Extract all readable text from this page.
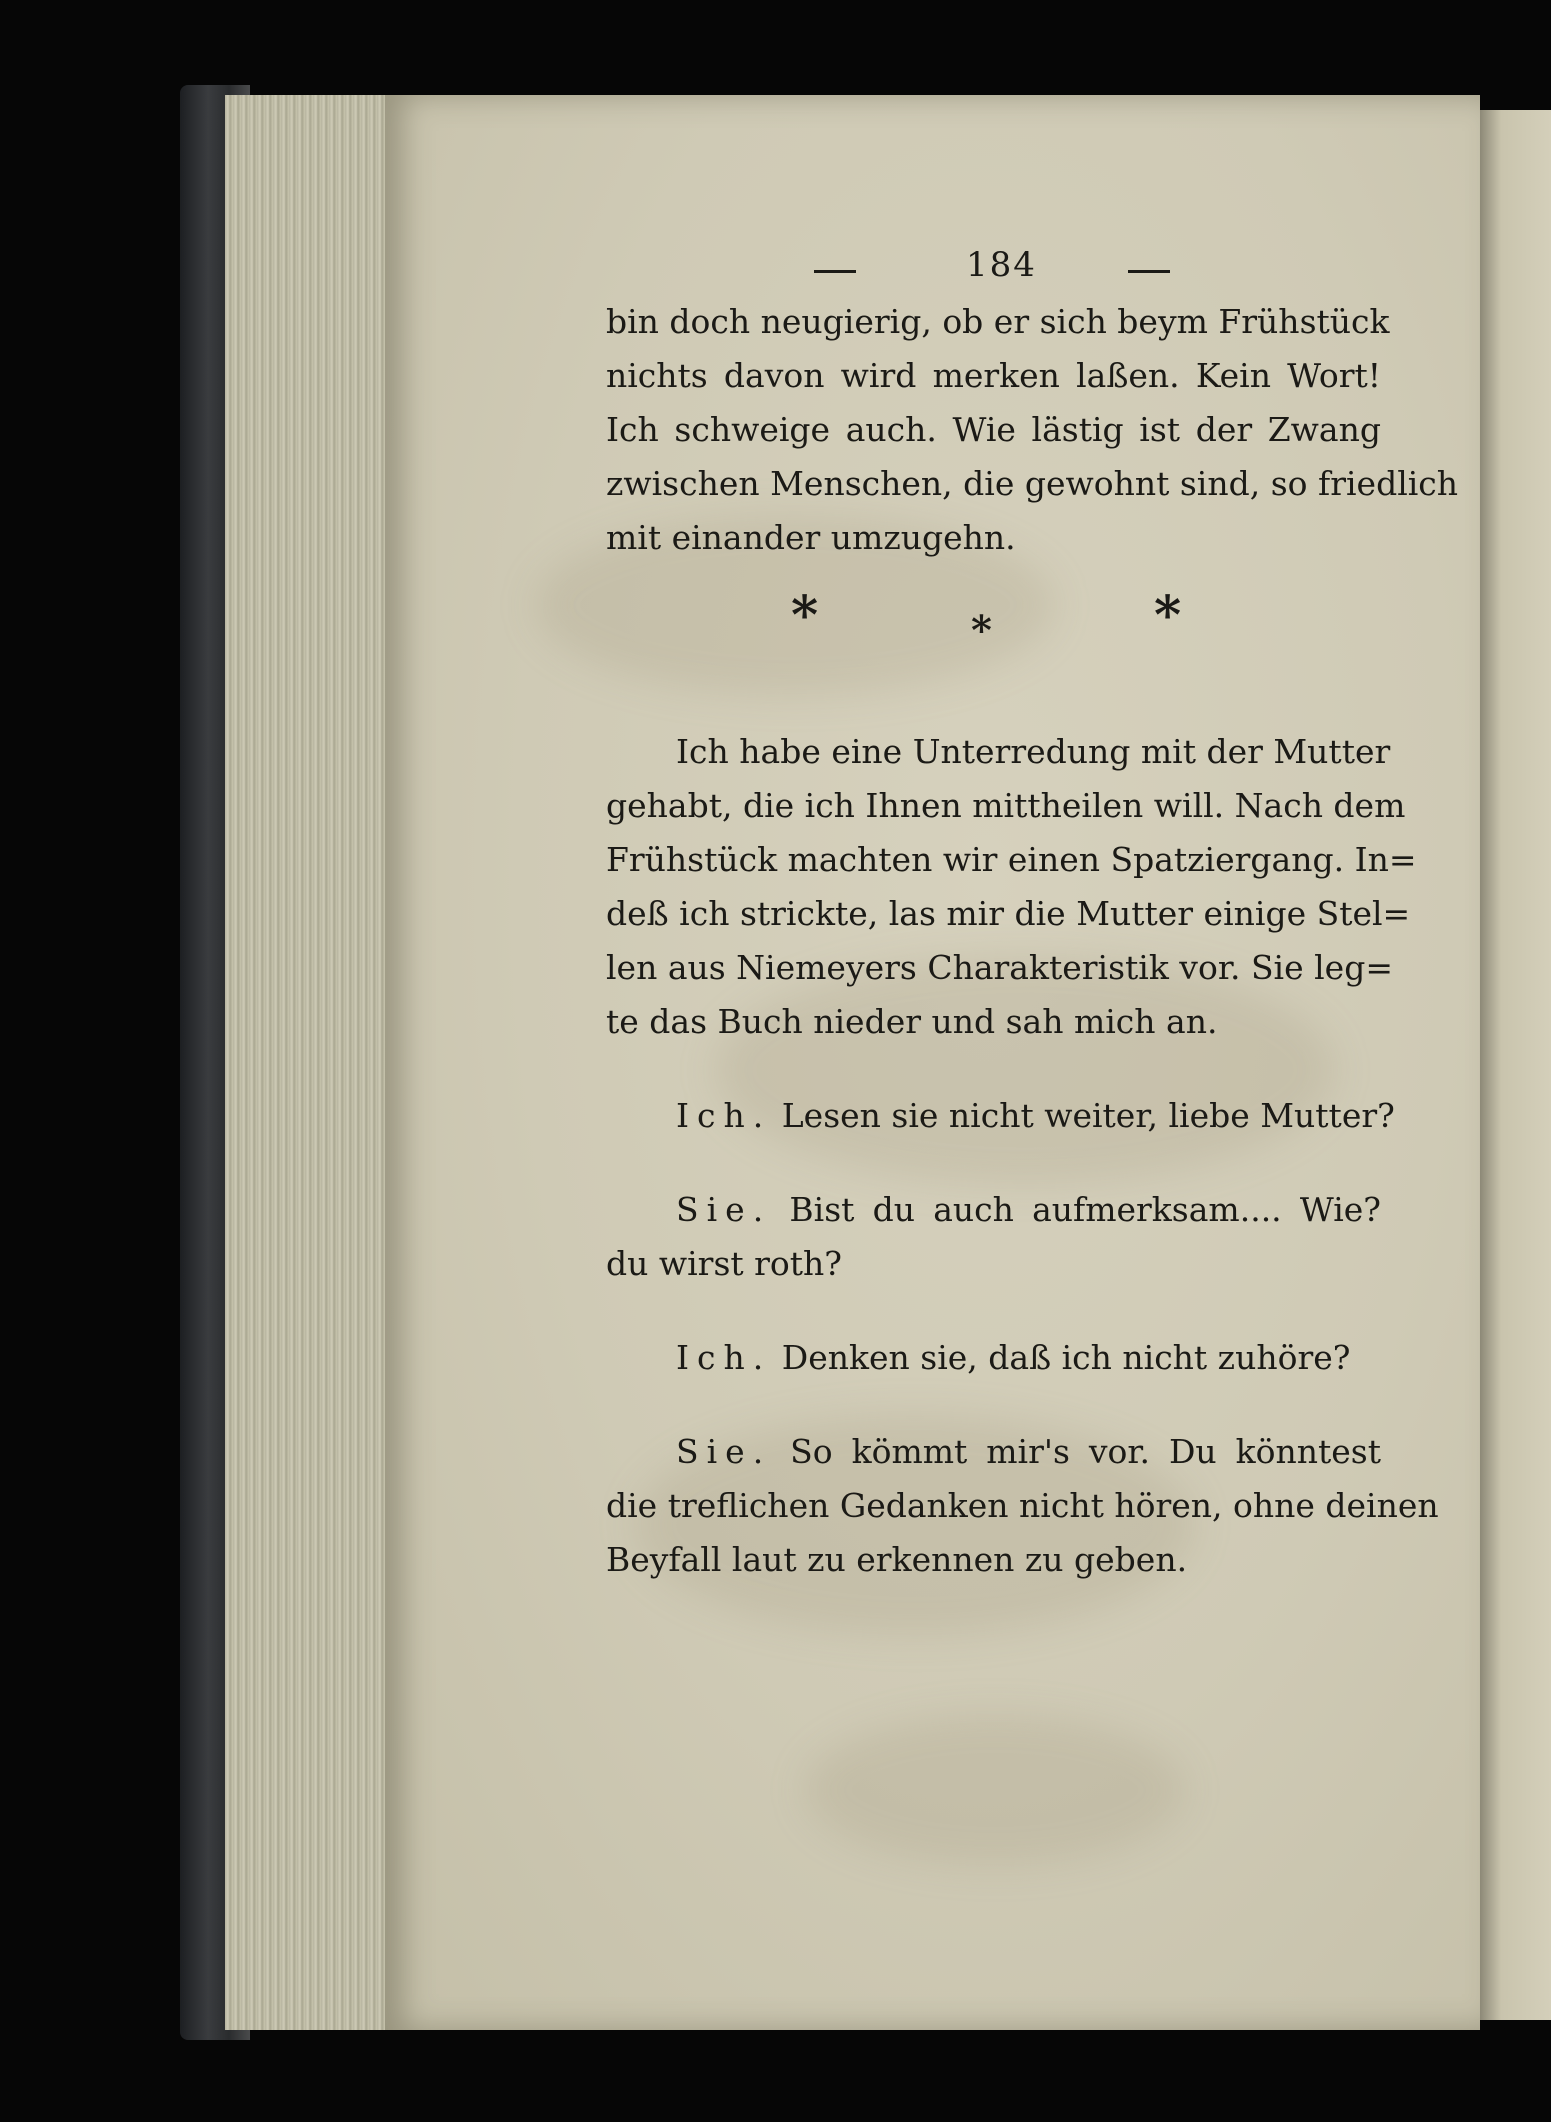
184

bin doch neugierig, ob er sich beym Frühstück
nichts davon wird merken laßen. Kein Wort!
Ich schweige auch. Wie lästig ist der Zwang
zwischen Menschen, die gewohnt sind, so friedlich
mit einander umzugehn.

*	*	*

Ich habe eine Unterredung mit der Mutter
gehabt, die ich Ihnen mittheilen will. Nach dem
Frühstück machten wir einen Spatziergang. In=
deß ich strickte, las mir die Mutter einige Stel=
len aus Niemeyers Charakteristik vor. Sie leg=
te das Buch nieder und sah mich an.

Ich. Lesen sie nicht weiter, liebe Mutter?

Sie. Bist du auch aufmerksam.... Wie?
du wirst roth?

Ich. Denken sie, daß ich nicht zuhöre?

Sie. So kömmt mir's vor. Du könntest
die treflichen Gedanken nicht hören, ohne deinen
Beyfall laut zu erkennen zu geben.
